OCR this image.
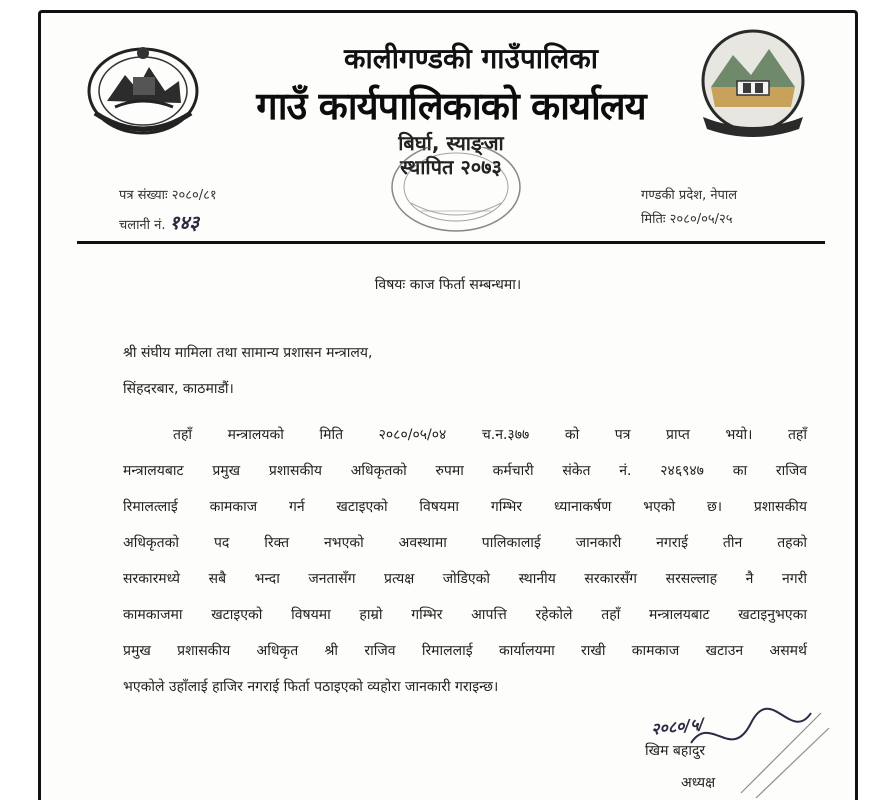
कालीगण्डकी गाउँपालिका
गाउँ कार्यपालिकाको कार्यालय
बिर्घा, स्याङ्जा
स्थापित २०७३
पत्र संख्याः २०८०/८१
चलानी नं. १४३
गण्डकी प्रदेश, नेपाल
मितिः २०८०/०५/२५
विषयः काज फिर्ता सम्बन्धमा।
श्री संघीय मामिला तथा सामान्य प्रशासन मन्त्रालय,
सिंहदरबार, काठमाडौं।
तहाँ मन्त्रालयको मिति २०८०/०५/०४ च.न.३७७ को पत्र प्राप्त भयो। तहाँ
मन्त्रालयबाट प्रमुख प्रशासकीय अधिकृतको रुपमा कर्मचारी संकेत नं. २४६९४७ का राजिव
रिमालत्लाई कामकाज गर्न खटाइएको विषयमा गम्भिर ध्यानाकर्षण भएको छ। प्रशासकीय
अधिकृतको पद रिक्त नभएको अवस्थामा पालिकालाई जानकारी नगराई तीन तहको
सरकारमध्ये सबै भन्दा जनतासँग प्रत्यक्ष जोडिएको स्थानीय सरकारसँग सरसल्लाह नै नगरी
कामकाजमा खटाइएको विषयमा हाम्रो गम्भिर आपत्ति रहेकोले तहाँ मन्त्रालयबाट खटाइनुभएका
प्रमुख प्रशासकीय अधिकृत श्री राजिव रिमाललाई कार्यालयमा राखी कामकाज खटाउन असमर्थ
भएकोले उहाँलाई हाजिर नगराई फिर्ता पठाइएको व्यहोरा जानकारी गराइन्छ।
२०८०/५/
खिम बहादुर
अध्यक्ष
